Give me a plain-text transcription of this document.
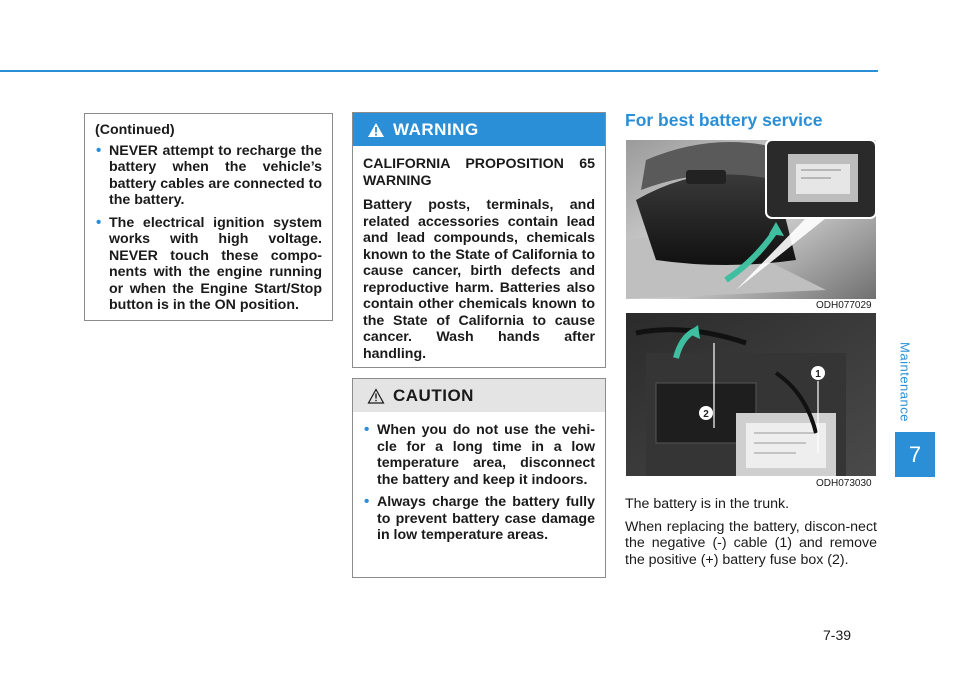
Maintenance
7
7-39
(Continued)
• NEVER attempt to recharge the battery when the vehicle’s battery cables are connected to the battery.
• The electrical ignition system works with high voltage. NEVER touch these compo-nents with the engine running or when the Engine Start/Stop button is in the ON position.
WARNING

CALIFORNIA PROPOSITION 65 WARNING

Battery posts, terminals, and related accessories contain lead and lead compounds, chemicals known to the State of California to cause cancer, birth defects and reproductive harm. Batteries also contain other chemicals known to the State of California to cause cancer. Wash hands after handling.

CAUTION
• When you do not use the vehi-cle for a long time in a low temperature area, disconnect the battery and keep it indoors.
• Always charge the battery fully to prevent battery case damage in low temperature areas.
For best battery service
ODH077029
1
2
ODH073030

The battery is in the trunk.

When replacing the battery, discon-nect the negative (-) cable (1) and remove the positive (+) battery fuse box (2).
